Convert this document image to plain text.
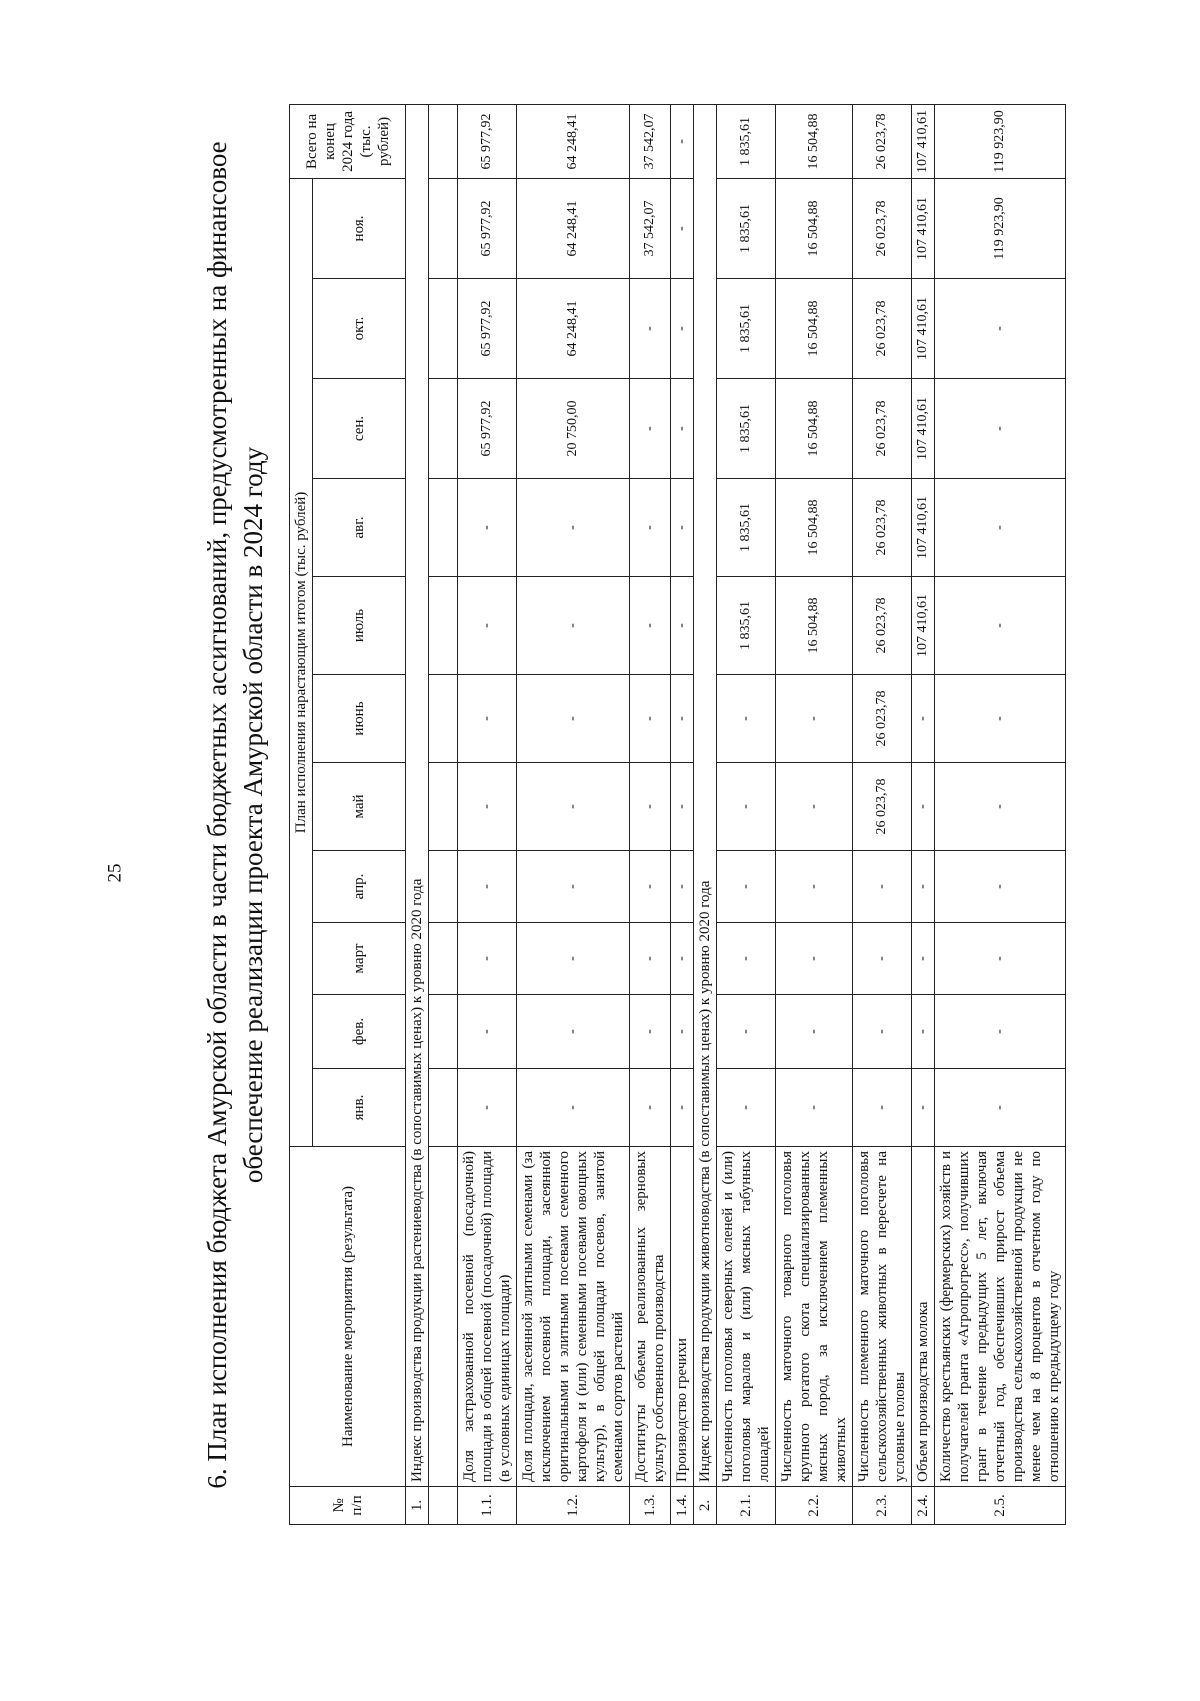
25	6. План исполнения бюджета Амурской области в части бюджетных ассигнований, предусмотренных на финансовое обеспечение реализации проекта Амурской области в 2024 году
№ п/п	Наименование мероприятия (результата)	План исполнения нарастающим итогом (тыс. рублей)											Всего на конец 2024 года (тыс. рублей)
		янв.	фев.	март	апр.	май	июнь	июль	авг.	сен.	окт.	ноя.	
1.	Индекс производства продукции растениеводства (в сопоставимых ценах) к уровню 2020 года												

1.1.	Доля застрахованной посевной (посадочной) площади в общей посевной (посадочной) площади (в условных единицах площади)	-	-	-	-	-	-	-	-	65 977,92	65 977,92	65 977,92	65 977,92
1.2.	Доля площади, засеянной элитными семенами (за исключением посевной площади, засеянной оригинальными и элитными посевами семенного картофеля и (или) семенными посевами овощных культур), в общей площади посевов, занятой семенами сортов растений	-	-	-	-	-	-	-	-	20 750,00	64 248,41	64 248,41	64 248,41
1.3.	Достигнуты объемы реализованных зерновых культур собственного производства	-	-	-	-	-	-	-	-	-	-	37 542,07	37 542,07
1.4.	Производство гречихи	-	-	-	-	-	-	-	-	-	-	-	-
2.	Индекс производства продукции животноводства (в сопоставимых ценах) к уровню 2020 года												
2.1.	Численность поголовья северных оленей и (или) поголовья маралов и (или) мясных табунных лошадей	-	-	-	-	-	-	1 835,61	1 835,61	1 835,61	1 835,61	1 835,61	1 835,61
2.2.	Численность маточного товарного поголовья крупного рогатого скота специализированных мясных пород, за исключением племенных животных	-	-	-	-	-	-	16 504,88	16 504,88	16 504,88	16 504,88	16 504,88	16 504,88
2.3.	Численность племенного маточного поголовья сельскохозяйственных животных в пересчете на условные головы	-	-	-	-	26 023,78	26 023,78	26 023,78	26 023,78	26 023,78	26 023,78	26 023,78	26 023,78
2.4.	Объем производства молока	-	-	-	-	-	-	107 410,61	107 410,61	107 410,61	107 410,61	107 410,61	107 410,61
2.5.	Количество крестьянских (фермерских) хозяйств и получателей гранта «Агропрогресс», получивших грант в течение предыдущих 5 лет, включая отчетный год, обеспечивших прирост объема производства сельскохозяйственной продукции не менее чем на 8 процентов в отчетном году по отношению к предыдущему году	-	-	-	-	-	-	-	-	-	-	119 923,90	119 923,90
